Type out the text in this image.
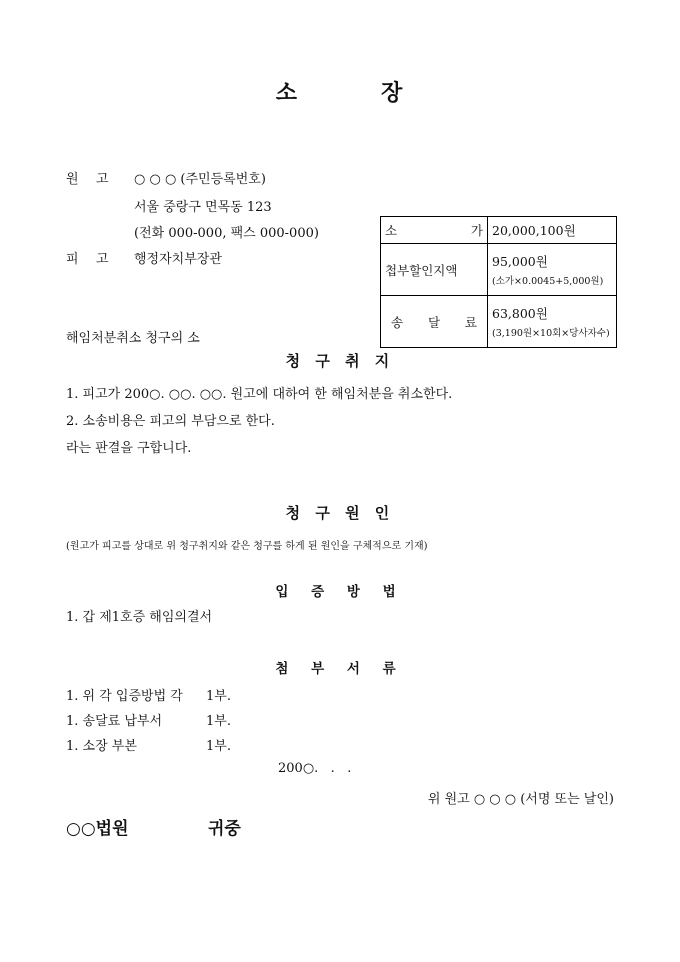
소	장
원 고 ○ ○ ○ (주민등록번호)
서울 중랑구 면목동 123
(전화 000-000, 팩스 000-000)
피 고 행정자치부장관
소 가	20,000,100원
첩부할인지액	95,000원
(소가×0.0045+5,000원)

송 달 료	63,800원
(3,190원×10회×당사자수)
해임처분취소 청구의 소
청 구 취 지
1. 피고가 200○. ○○. ○○. 원고에 대하여 한 해임처분을 취소한다.
2. 소송비용은 피고의 부담으로 한다.
라는 판결을 구합니다.
청 구 원 인
(원고가 피고를 상대로 위 청구취지와 같은 청구를 하게 된 원인을 구체적으로 기재)
입 증 방 법
1. 갑 제1호증 해임의결서
첨 부 서 류
1. 위 각 입증방법 각 1부.
1. 송달료 납부서	1부.
1. 소장 부본	1부.
200○.   .   .
위 원고 ○ ○ ○ (서명 또는 날인)
○○법원	귀중
